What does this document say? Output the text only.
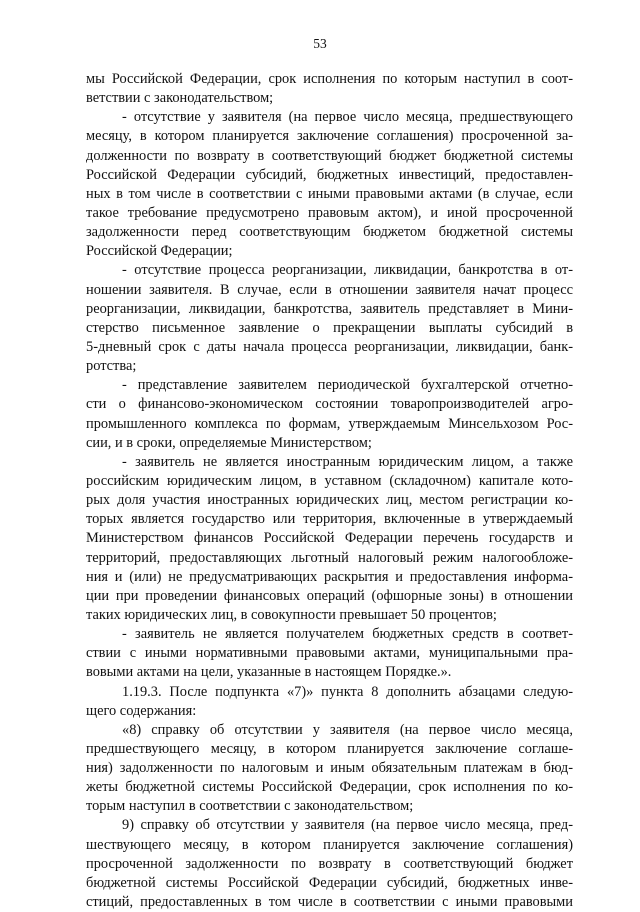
53
мы Российской Федерации, срок исполнения по которым наступил в соот-
ветствии с законодательством;
- отсутствие у заявителя (на первое число месяца, предшествующего
месяцу, в котором планируется заключение соглашения) просроченной за-
долженности по возврату в соответствующий бюджет бюджетной системы
Российской Федерации субсидий, бюджетных инвестиций, предоставлен-
ных в том числе в соответствии с иными правовыми актами (в случае, если
такое требование предусмотрено правовым актом), и иной просроченной
задолженности перед соответствующим бюджетом бюджетной системы
Российской Федерации;
- отсутствие процесса реорганизации, ликвидации, банкротства в от-
ношении заявителя. В случае, если в отношении заявителя начат процесс
реорганизации, ликвидации, банкротства, заявитель представляет в Мини-
стерство письменное заявление о прекращении выплаты субсидий в
5-дневный срок с даты начала процесса реорганизации, ликвидации, банк-
ротства;
- представление заявителем периодической бухгалтерской отчетно-
сти о финансово-экономическом состоянии товаропроизводителей агро-
промышленного комплекса по формам, утверждаемым Минсельхозом Рос-
сии, и в сроки, определяемые Министерством;
- заявитель не является иностранным юридическим лицом, а также
российским юридическим лицом, в уставном (складочном) капитале кото-
рых доля участия иностранных юридических лиц, местом регистрации ко-
торых является государство или территория, включенные в утверждаемый
Министерством финансов Российской Федерации перечень государств и
территорий, предоставляющих льготный налоговый режим налогообложе-
ния и (или) не предусматривающих раскрытия и предоставления информа-
ции при проведении финансовых операций (офшорные зоны) в отношении
таких юридических лиц, в совокупности превышает 50 процентов;
- заявитель не является получателем бюджетных средств в соответ-
ствии с иными нормативными правовыми актами, муниципальными пра-
вовыми актами на цели, указанные в настоящем Порядке.».
1.19.3. После подпункта «7)» пункта 8 дополнить абзацами следую-
щего содержания:
«8) справку об отсутствии у заявителя (на первое число месяца,
предшествующего месяцу, в котором планируется заключение соглаше-
ния) задолженности по налоговым и иным обязательным платежам в бюд-
жеты бюджетной системы Российской Федерации, срок исполнения по ко-
торым наступил в соответствии с законодательством;
9) справку об отсутствии у заявителя (на первое число месяца, пред-
шествующего месяцу, в котором планируется заключение соглашения)
просроченной задолженности по возврату в соответствующий бюджет
бюджетной системы Российской Федерации субсидий, бюджетных инве-
стиций, предоставленных в том числе в соответствии с иными правовыми
